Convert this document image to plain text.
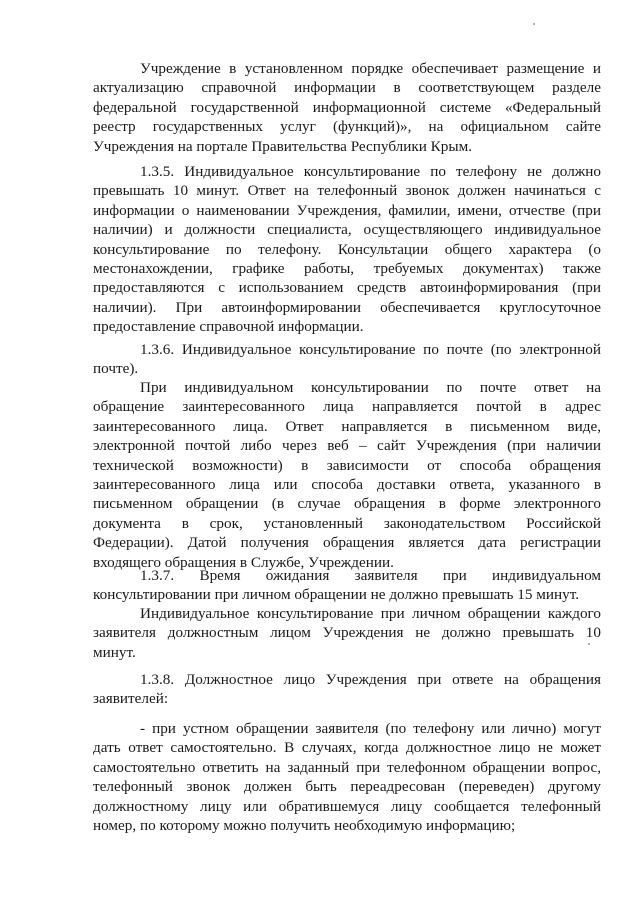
Учреждение в установленном порядке обеспечивает размещение и
актуализацию справочной информации в соответствующем разделе
федеральной государственной информационной системе «Федеральный
реестр государственных услуг (функций)», на официальном сайте
Учреждения на портале Правительства Республики Крым.
1.3.5. Индивидуальное консультирование по телефону не должно
превышать 10 минут. Ответ на телефонный звонок должен начинаться с
информации о наименовании Учреждения, фамилии, имени, отчестве (при
наличии) и должности специалиста, осуществляющего индивидуальное
консультирование по телефону. Консультации общего характера (о
местонахождении, графике работы, требуемых документах) также
предоставляются с использованием средств автоинформирования (при
наличии). При автоинформировании обеспечивается круглосуточное
предоставление справочной информации.
1.3.6. Индивидуальное консультирование по почте (по электронной
почте).
При индивидуальном консультировании по почте ответ на
обращение заинтересованного лица направляется почтой в адрес
заинтересованного лица. Ответ направляется в письменном виде,
электронной почтой либо через веб – сайт Учреждения (при наличии
технической возможности) в зависимости от способа обращения
заинтересованного лица или способа доставки ответа, указанного в
письменном обращении (в случае обращения в форме электронного
документа в срок, установленный законодательством Российской
Федерации). Датой получения обращения является дата регистрации
входящего обращения в Службе, Учреждении.
1.3.7. Время ожидания заявителя при индивидуальном
консультировании при личном обращении не должно превышать 15 минут.
Индивидуальное консультирование при личном обращении каждого
заявителя должностным лицом Учреждения не должно превышать 10
минут.
1.3.8. Должностное лицо Учреждения при ответе на обращения
заявителей:
- при устном обращении заявителя (по телефону или лично) могут
дать ответ самостоятельно. В случаях, когда должностное лицо не может
самостоятельно ответить на заданный при телефонном обращении вопрос,
телефонный звонок должен быть переадресован (переведен) другому
должностному лицу или обратившемуся лицу сообщается телефонный
номер, по которому можно получить необходимую информацию;
